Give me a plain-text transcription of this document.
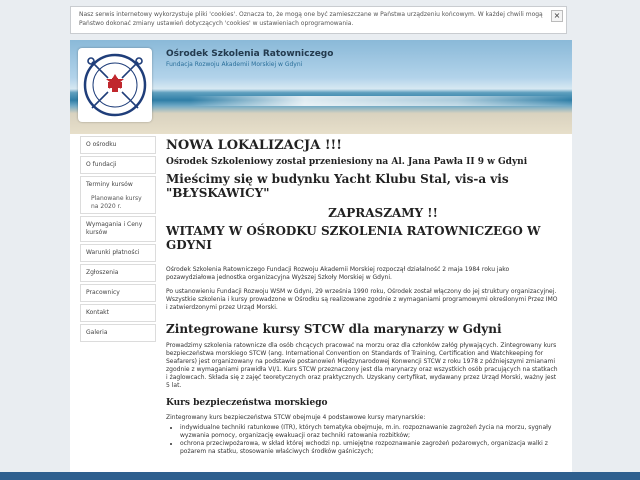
Nasz serwis internetowy wykorzystuje pliki 'cookies'. Oznacza to, że mogą one być zamieszczane w Państwa urządzeniu końcowym. W każdej chwili mogą Państwo dokonać zmiany ustawień dotyczących 'cookies' w ustawieniach oprogramowania.
×
Ośrodek Szkolenia Ratowniczego
Fundacja Rozwoju Akademii Morskiej w Gdyni
O ośrodku
O fundacji
Terminy kursów
Planowane kursy na 2020 r.
Wymagania i Ceny kursów
Warunki płatności
Zgłoszenia
Pracownicy
Kontakt
Galeria

NOWA LOKALIZACJA !!!

Ośrodek Szkoleniowy został przeniesiony na Al. Jana Pawła II 9 w Gdyni

Mieścimy się w budynku Yacht Klubu Stal, vis-a vis "BŁYSKAWICY"

ZAPRASZAMY !!

WITAMY W OŚRODKU SZKOLENIA RATOWNICZEGO W GDYNI

Ośrodek Szkolenia Ratowniczego Fundacji Rozwoju Akademii Morskiej rozpoczął działalność 2 maja 1984 roku jako pozawydziałowa jednostka organizacyjna Wyższej Szkoły Morskiej w Gdyni.

Po ustanowieniu Fundacji Rozwoju WSM w Gdyni, 29 września 1990 roku, Ośrodek został włączony do jej struktury organizacyjnej. Wszystkie szkolenia i kursy prowadzone w Ośrodku są realizowane zgodnie z wymaganiami programowymi określonymi Przez IMO i zatwierdzonymi przez Urząd Morski.

Zintegrowane kursy STCW dla marynarzy w Gdyni

Prowadzimy szkolenia ratownicze dla osób chcących pracować na morzu oraz dla członków załóg pływających. Zintegrowany kurs bezpieczeństwa morskiego STCW (ang. International Convention on Standards of Training, Certification and Watchkeeping for Seafarers) jest organizowany na podstawie postanowień Międzynarodowej Konwencji STCW z roku 1978 z późniejszymi zmianami zgodnie z wymaganiami prawidła VI/1. Kurs STCW przeznaczony jest dla marynarzy oraz wszystkich osób pracujących na statkach i żaglowcach. Składa się z zajęć teoretycznych oraz praktycznych. Uzyskany certyfikat, wydawany przez Urząd Morski, ważny jest 5 lat.

Kurs bezpieczeństwa morskiego

Zintegrowany kurs bezpieczeństwa STCW obejmuje 4 podstawowe kursy marynarskie:

• indywidualne techniki ratunkowe (ITR), których tematyka obejmuje, m.in. rozpoznawanie zagrożeń życia na morzu, sygnały wyzwania pomocy, organizację ewakuacji oraz techniki ratowania rozbitków;
• ochrona przeciwpożarowa, w skład której wchodzi np. umiejętne rozpoznawanie zagrożeń pożarowych, organizacja walki z pożarem na statku, stosowanie właściwych środków gaśniczych;
